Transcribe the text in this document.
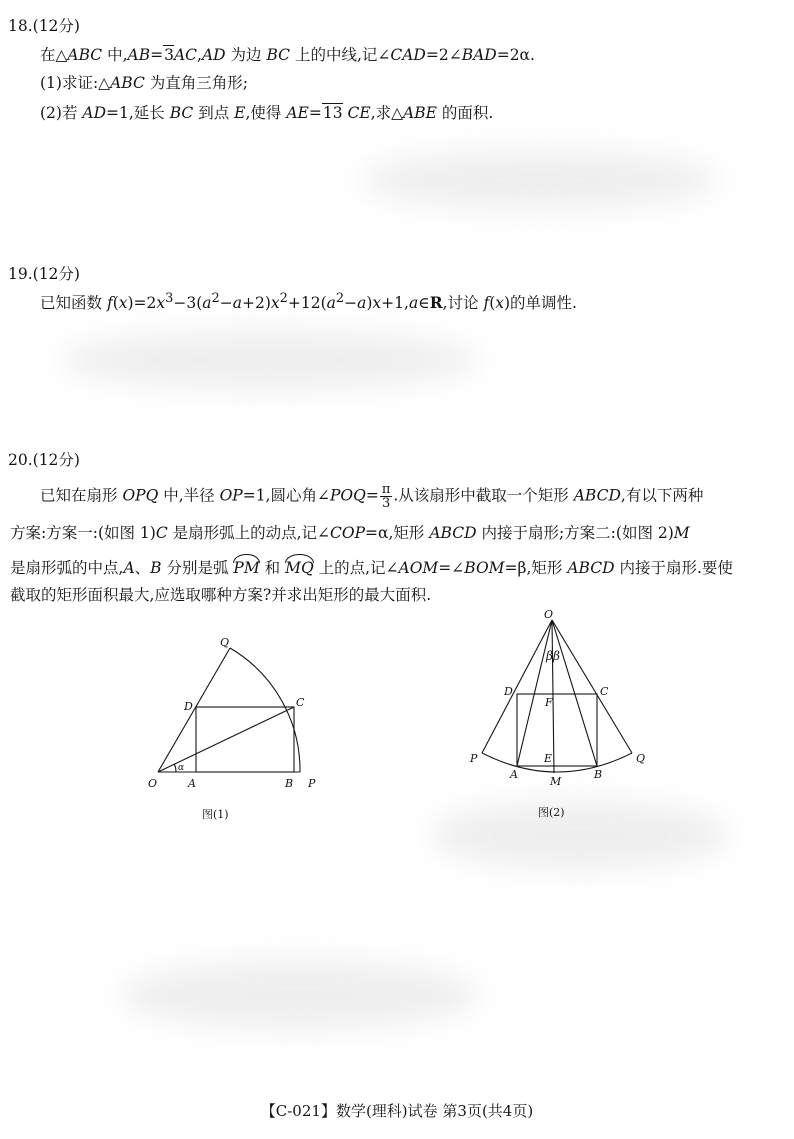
18.(12分)
在△ABC 中,AB=3AC,AD 为边 BC 上的中线,记∠CAD=2∠BAD=2α.
(1)求证:△ABC 为直角三角形;
(2)若 AD=1,延长 BC 到点 E,使得 AE=13 CE,求△ABE 的面积.
19.(12分)
已知函数 $f(x)=2x^3-3(a^2-a+2)x^2+12(a^2-a)x+1,a\in R$,讨论 f(x)的单调性.
20.(12分)
已知在扇形 OPQ 中,半径 OP=1,圆心角∠POQ= $\frac{\pi}{3}$ .从该扇形中截取一个矩形 ABCD,有以下两种
方案:方案一:(如图 1)C 是扇形弧上的动点,记∠COP=α,矩形 ABCD 内接于扇形;方案二:(如图 2)M
是扇形弧的中点,A、B 分别是弧 PM 和 MQ 上的点,记∠AOM=∠BOM=β,矩形 ABCD 内接于扇形.要使
截取的矩形面积最大,应选取哪种方案?并求出矩形的最大面积.
Q
D	C
O	A	B P
α
图(1)
O
ββ
D	C
F
P	E	Q
A
M
B
图(2)
【C-021】数学(理科)试卷 第3页(共4页)
